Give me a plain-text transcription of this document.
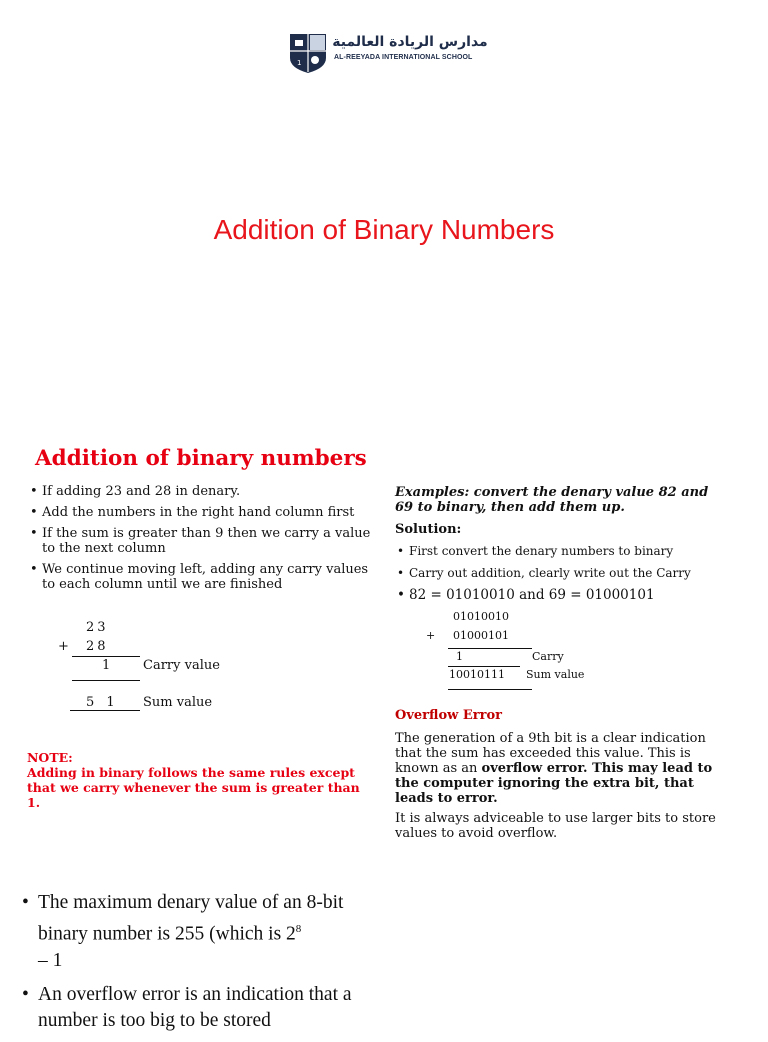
1
مدارس الريادة العالمية
AL-REEYADA INTERNATIONAL SCHOOL
Addition of Binary Numbers
Addition of binary numbers
• If adding 23 and 28 in denary.
• Add the numbers in the right hand column first
• If the sum is greater than 9 then we carry a value to the next column
• We continue moving left, adding any carry values to each column until we are finished
23
+ 28
1	Carry value
5 1 Sum value
NOTE:
Adding in binary follows the same rules except that we carry whenever the sum is greater than 1.
Examples: convert the denary value 82 and 69 to binary, then add them up.
Solution:
• First convert the denary numbers to binary
• Carry out addition, clearly write out the Carry
• 82 = 01010010 and 69 = 01000101
01010010
+ 01000101
1	Carry
10010111 Sum value
Overflow Error
The generation of a 9th bit is a clear indication that the sum has exceeded this value. This is known as an overflow error. This may lead to the computer ignoring the extra bit, that leads to error.
It is always adviceable to use larger bits to store values to avoid overflow.
• The maximum denary value of an 8-bit binary number is 255 (which is $2^8$
– 1
• An overflow error is an indication that a number is too big to be stored
